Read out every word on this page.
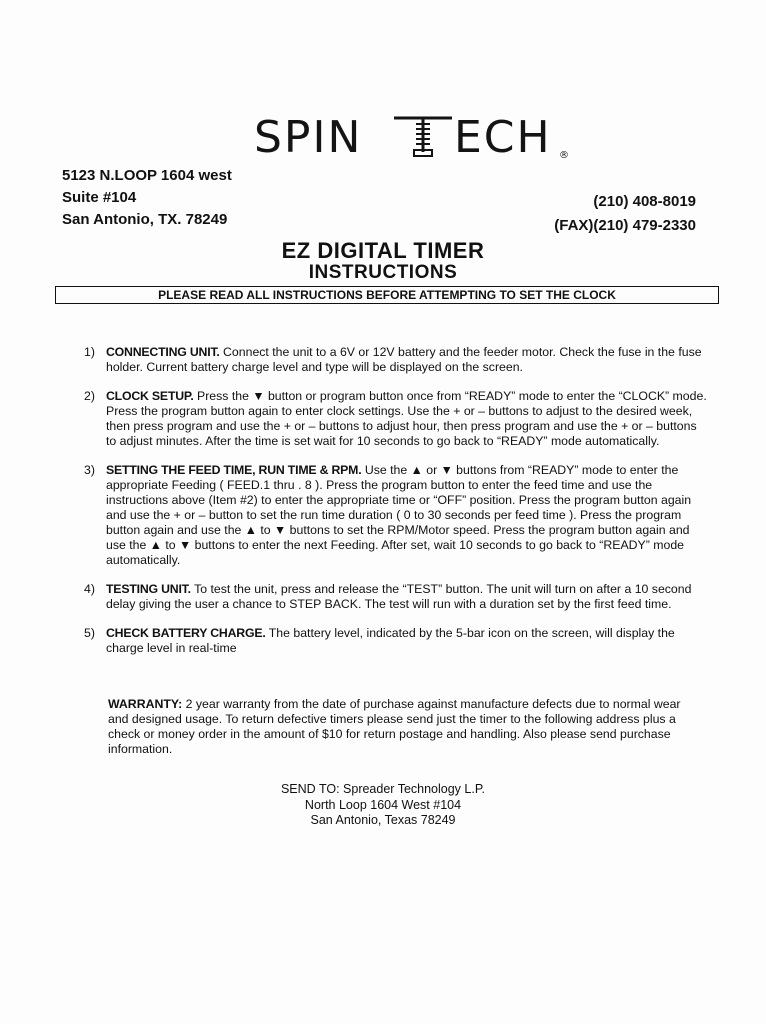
SPIN ECH ®
5123 N.LOOP 1604 west
Suite #104
San Antonio, TX. 78249
(210) 408-8019
(FAX)(210) 479-2330
EZ DIGITAL TIMER
INSTRUCTIONS
PLEASE READ ALL INSTRUCTIONS BEFORE ATTEMPTING TO SET THE CLOCK
1) CONNECTING UNIT. Connect the unit to a 6V or 12V battery and the feeder motor. Check the fuse in the fuse holder. Current battery charge level and type will be displayed on the screen.
2) CLOCK SETUP. Press the ▼ button or program button once from “READY” mode to enter the “CLOCK” mode. Press the program button again to enter clock settings. Use the + or – buttons to adjust to the desired week, then press program and use the + or – buttons to adjust hour, then press program and use the + or – buttons to adjust minutes. After the time is set wait for 10 seconds to go back to “READY” mode automatically.
3) SETTING THE FEED TIME, RUN TIME & RPM. Use the ▲ or ▼ buttons from “READY” mode to enter the appropriate Feeding ( FEED.1 thru . 8 ). Press the program button to enter the feed time and use the instructions above (Item #2) to enter the appropriate time or “OFF” position. Press the program button again and use the + or – button to set the run time duration ( 0 to 30 seconds per feed time ). Press the program button again and use the ▲ to ▼ buttons to set the RPM/Motor speed. Press the program button again and use the ▲ to ▼ buttons to enter the next Feeding. After set, wait 10 seconds to go back to “READY” mode automatically.
4) TESTING UNIT. To test the unit, press and release the “TEST” button. The unit will turn on after a 10 second delay giving the user a chance to STEP BACK. The test will run with a duration set by the first feed time.
5) CHECK BATTERY CHARGE. The battery level, indicated by the 5-bar icon on the screen, will display the charge level in real-time
WARRANTY: 2 year warranty from the date of purchase against manufacture defects due to normal wear and designed usage. To return defective timers please send just the timer to the following address plus a check or money order in the amount of $10 for return postage and handling. Also please send purchase information.
SEND TO: Spreader Technology L.P.
North Loop 1604 West #104
San Antonio, Texas 78249
